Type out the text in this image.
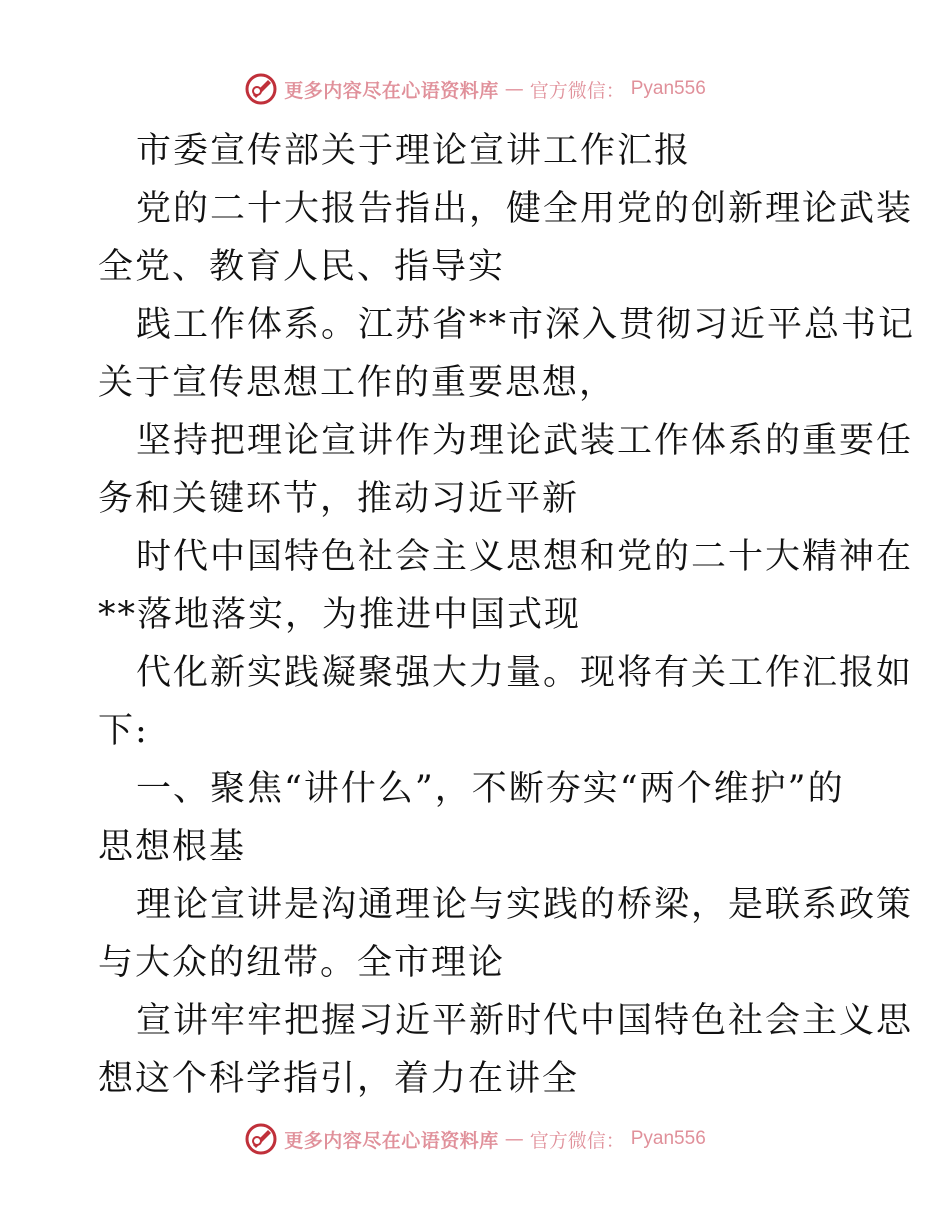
更多内容尽在心语资料库 — 官方微信： Pyan556
市委宣传部关于理论宣讲工作汇报
党的二十大报告指出，健全用党的创新理论武装
全党、教育人民、指导实
践工作体系。江苏省**市深入贯彻习近平总书记
关于宣传思想工作的重要思想，
坚持把理论宣讲作为理论武装工作体系的重要任
务和关键环节，推动习近平新
时代中国特色社会主义思想和党的二十大精神在
**落地落实，为推进中国式现
代化新实践凝聚强大力量。现将有关工作汇报如
下:
一、聚焦“讲什么”，不断夯实“两个维护”的
思想根基
理论宣讲是沟通理论与实践的桥梁，是联系政策
与大众的纽带。全市理论
宣讲牢牢把握习近平新时代中国特色社会主义思
想这个科学指引，着力在讲全
更多内容尽在心语资料库 — 官方微信： Pyan556
